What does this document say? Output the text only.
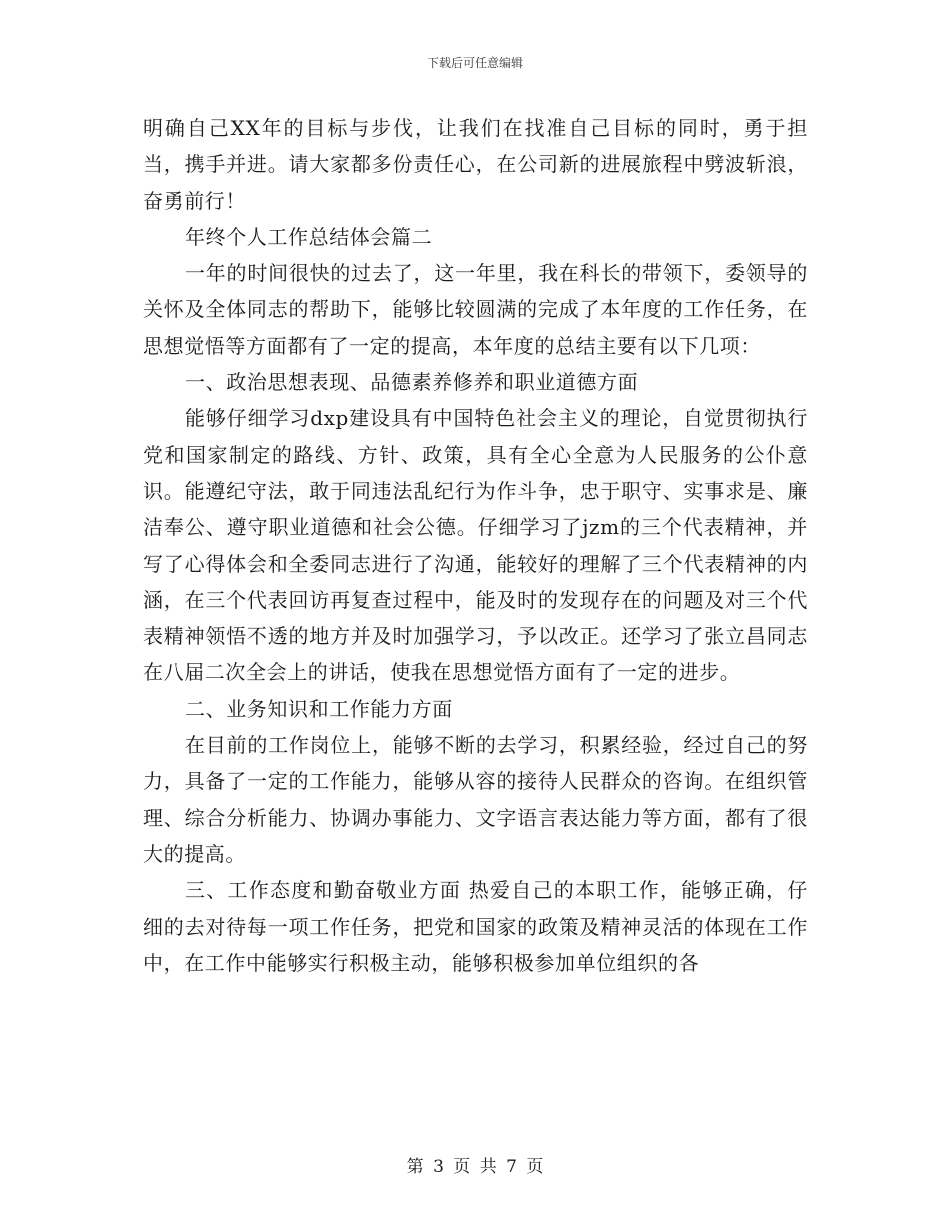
下载后可任意编辑

明确自己XX年的目标与步伐，让我们在找准自己目标的同时，勇于担当，携手并进。请大家都多份责任心，在公司新的进展旅程中劈波斩浪，奋勇前行！

年终个人工作总结体会篇二

一年的时间很快的过去了，这一年里，我在科长的带领下，委领导的关怀及全体同志的帮助下，能够比较圆满的完成了本年度的工作任务，在思想觉悟等方面都有了一定的提高，本年度的总结主要有以下几项：

一、政治思想表现、品德素养修养和职业道德方面

能够仔细学习dxp建设具有中国特色社会主义的理论，自觉贯彻执行党和国家制定的路线、方针、政策，具有全心全意为人民服务的公仆意识。能遵纪守法，敢于同违法乱纪行为作斗争，忠于职守、实事求是、廉洁奉公、遵守职业道德和社会公德。仔细学习了jzm的三个代表精神，并写了心得体会和全委同志进行了沟通，能较好的理解了三个代表精神的内涵，在三个代表回访再复查过程中，能及时的发现存在的问题及对三个代表精神领悟不透的地方并及时加强学习，予以改正。还学习了张立昌同志在八届二次全会上的讲话，使我在思想觉悟方面有了一定的进步。

二、业务知识和工作能力方面

在目前的工作岗位上，能够不断的去学习，积累经验，经过自己的努力，具备了一定的工作能力，能够从容的接待人民群众的咨询。在组织管理、综合分析能力、协调办事能力、文字语言表达能力等方面，都有了很大的提高。

三、工作态度和勤奋敬业方面 热爱自己的本职工作，能够正确，仔细的去对待每一项工作任务，把党和国家的政策及精神灵活的体现在工作中，在工作中能够实行积极主动，能够积极参加单位组织的各

第 3 页 共 7 页
